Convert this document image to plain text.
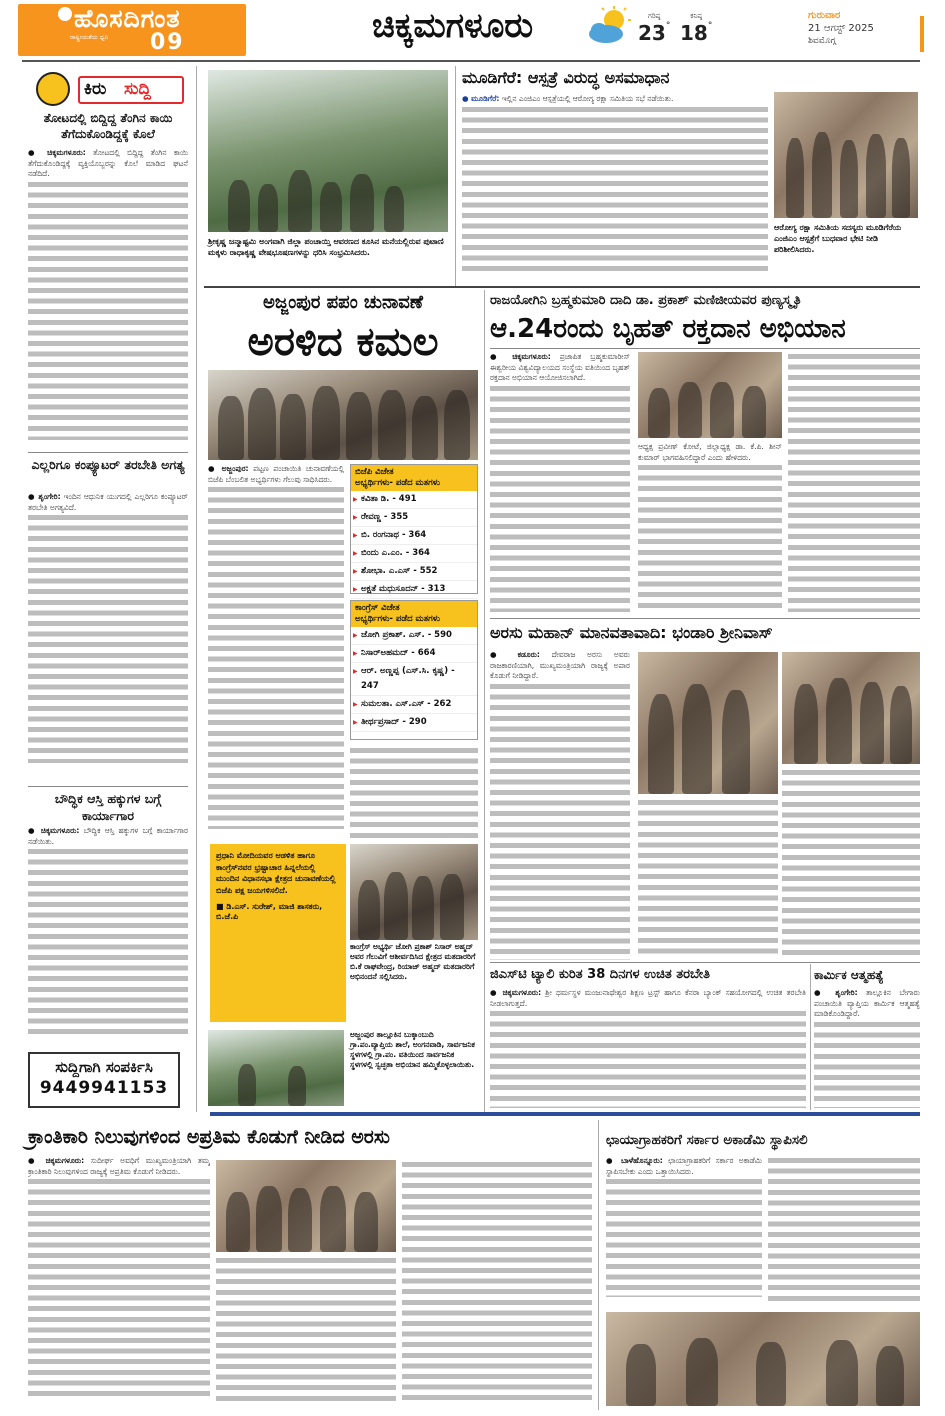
ಹೊಸದಿಗಂತ
ರಾಷ್ಟ್ರೀಯತೆಯ ಧ್ವನಿ 09	ಚಿಕ್ಕಮಗಳೂರು	ಗರಿಷ್ಠ
23°
ಕನಿಷ್ಠ
18°
ಗುರುವಾರ
21 ಆಗಸ್ಟ್ 2025
ಶಿವಮೊಗ್ಗ
ಕಿರು ಸುದ್ದಿ
ತೋಟದಲ್ಲಿ ಬಿದ್ದಿದ್ದ ತೆಂಗಿನ ಕಾಯಿ ತೆಗೆದುಕೊಂಡಿದ್ದಕ್ಕೆ ಕೊಲೆ
● ಚಿಕ್ಕಮಗಳೂರು: ತೋಟದಲ್ಲಿ ಬಿದ್ದಿದ್ದ ತೆಂಗಿನ ಕಾಯಿ ತೆಗೆದುಕೊಂಡಿದ್ದಕ್ಕೆ ವ್ಯಕ್ತಿಯೊಬ್ಬರನ್ನು ಕೊಲೆ ಮಾಡಿದ ಘಟನೆ ನಡೆದಿದೆ.
ಎಲ್ಲರಿಗೂ ಕಂಪ್ಯೂಟರ್ ತರಬೇತಿ ಅಗತ್ಯ
● ಶೃಂಗೇರಿ: ಇಂದಿನ ಆಧುನಿಕ ಯುಗದಲ್ಲಿ ಎಲ್ಲರಿಗೂ ಕಂಪ್ಯೂಟರ್ ತರಬೇತಿ ಅಗತ್ಯವಿದೆ.
ಬೌದ್ಧಿಕ ಆಸ್ತಿ ಹಕ್ಕುಗಳ ಬಗ್ಗೆ ಕಾರ್ಯಾಗಾರ
● ಚಿಕ್ಕಮಗಳೂರು: ಬೌದ್ಧಿಕ ಆಸ್ತಿ ಹಕ್ಕುಗಳ ಬಗ್ಗೆ ಕಾರ್ಯಾಗಾರ ನಡೆಯಿತು.
ಸುದ್ದಿಗಾಗಿ ಸಂಪರ್ಕಿಸಿ
9449941153
ಶ್ರೀಕೃಷ್ಣ ಜನ್ಮಾಷ್ಟಮಿ ಅಂಗವಾಗಿ ಜಿಲ್ಲಾ ಪಂಚಾಯ್ತಿ ಆವರಣದ ಕೂಸಿನ ಮನೆಯಲ್ಲಿರುವ ಪುಟಾಣಿ ಮಕ್ಕಳು ರಾಧಾಕೃಷ್ಣ ವೇಷಭೂಷಣಗಳನ್ನು ಧರಿಸಿ ಸಂಭ್ರಮಿಸಿದರು.
ಮೂಡಿಗೆರೆ: ಆಸ್ಪತ್ರೆ ವಿರುದ್ಧ ಅಸಮಾಧಾನ
● ಮೂಡಿಗೆರೆ: ಇಲ್ಲಿನ ಎಂಜಿಎಂ ಆಸ್ಪತ್ರೆಯಲ್ಲಿ ಆರೋಗ್ಯ ರಕ್ಷಾ ಸಮಿತಿಯ ಸಭೆ ನಡೆಯಿತು.
ಆರೋಗ್ಯ ರಕ್ಷಾ ಸಮಿತಿಯ ಸದಸ್ಯರು ಮೂಡಿಗೆರೆಯ ಎಂಜಿಎಂ ಆಸ್ಪತ್ರೆಗೆ ಬುಧವಾರ ಭೇಟಿ ನೀಡಿ ಪರಿಶೀಲಿಸಿದರು.
ಅಜ್ಜಂಪುರ ಪಪಂ ಚುನಾವಣೆ
ಅರಳಿದ ಕಮಲ
● ಅಜ್ಜಂಪುರ: ಪಟ್ಟಣ ಪಂಚಾಯಿತಿ ಚುನಾವಣೆಯಲ್ಲಿ ಬಿಜೆಪಿ ಬೆಂಬಲಿತ ಅಭ್ಯರ್ಥಿಗಳು ಗೆಲುವು ಸಾಧಿಸಿದರು.
ಬಿಜೆಪಿ ವಿಜೇತ
ಅಭ್ಯರ್ಥಿಗಳು- ಪಡೆದ ಮತಗಳು
▶ ಕವಿತಾ ಡಿ. - 491
▶ ರೇವಣ್ಣ - 355
▶ ಬಿ. ರಂಗನಾಥ - 364
▶ ಬಿಂದು ಎ.ಎಂ. - 364
▶ ಶೋಭಾ. ಎ.ಎಸ್ - 552
▶ ಅಕ್ಷತೆ ಮಧುಸೂದನ್ - 313
ಕಾಂಗ್ರೆಸ್ ವಿಜೇತ
ಅಭ್ಯರ್ಥಿಗಳು- ಪಡೆದ ಮತಗಳು
▶ ಜೋಗಿ ಪ್ರಕಾಶ್. ಎಸ್. - 590
▶ ನಿಸಾರ್‌ಅಹಮದ್ - 664
▶ ಆರ್. ಅಣ್ಣಪ್ಪ (ಎಸ್.ಸಿ. ಕೃಷ್ಣ) - 247
▶ ಸುಮಲತಾ. ಎಸ್.ಎಸ್ - 262
▶ ತೀರ್ಥಪ್ರಸಾದ್ - 290
ಪ್ರಧಾನಿ ಮೋದಿಯವರ ಆಡಳಿತ ಹಾಗೂ ಕಾಂಗ್ರೆಸ್‌ನವರ ಭ್ರಷ್ಟಾಚಾರ ಹಿನ್ನಲೆಯಲ್ಲಿ ಮುಂದಿನ ವಿಧಾನಸಭಾ ಕ್ಷೇತ್ರದ ಚುನಾವಣೆಯಲ್ಲಿ ಬಿಜೆಪಿ ಪಕ್ಷ ಜಯಗಳಿಸಲಿದೆ.
■ ಡಿ.ಎಸ್. ಸುರೇಶ್, ಮಾಜಿ ಶಾಸಕರು, ಬಿ.ಜೆ.ಪಿ
ಕಾಂಗ್ರೆಸ್ ಅಭ್ಯರ್ಥಿ ಜೋಗಿ ಪ್ರಕಾಶ್ ನಿಸಾರ್ ಅಹ್ಮದ್ ಅವರ ಗೆಲುವಿಗೆ ಆಶೀರ್ವದಿಸಿದ ಕ್ಷೇತ್ರದ ಮತದಾರರಿಗೆ ಬಿ.ಕೆ ರಾಘವೇಂದ್ರ, ರಿಯಾಜ್ ಅಹ್ಮದ್ ಮತದಾರರಿಗೆ ಅಭಿನಂದನೆ ಸಲ್ಲಿಸಿದರು.
ಅಜ್ಜಂಪುರ ತಾಲ್ಲೂಕಿನ ಬುಕ್ಕಾಂಬುದಿ ಗ್ರಾ.ಪಂ.ವ್ಯಾಪ್ತಿಯ ಶಾಲೆ, ಅಂಗನವಾಡಿ, ಸಾರ್ವಜನಿಕ ಸ್ಥಳಗಳಲ್ಲಿ ಗ್ರಾ.ಪಂ. ವತಿಯಿಂದ ಸಾರ್ವಜನಿಕ ಸ್ಥಳಗಳಲ್ಲಿ ಸ್ವಚ್ಛತಾ ಅಭಿಯಾನ ಹಮ್ಮಿಕೊಳ್ಳಲಾಯಿತು.
ರಾಜಯೋಗಿನಿ ಬ್ರಹ್ಮಕುಮಾರಿ ದಾದಿ ಡಾ. ಪ್ರಕಾಶ್ ಮಣಿಜೀಯವರ ಪುಣ್ಯಸ್ಮೃತಿ
ಆ.24ರಂದು ಬೃಹತ್ ರಕ್ತದಾನ ಅಭಿಯಾನ
● ಚಿಕ್ಕಮಗಳೂರು: ಪ್ರಜಾಪಿತ ಬ್ರಹ್ಮಕುಮಾರೀಸ್ ಈಶ್ವರೀಯ ವಿಶ್ವವಿದ್ಯಾಲಯದ ಸಂಸ್ಥೆಯ ವತಿಯಿಂದ ಬೃಹತ್ ರಕ್ತದಾನ ಅಭಿಯಾನ ಆಯೋಜಿಸಲಾಗಿದೆ.
ಆಧ್ಯಕ್ಷ ಪ್ರವೀಣ್ ಕೋಟೆ, ಜಿಲ್ಲಾಧ್ಯಕ್ಷ ಡಾ. ಕೆ.ಪಿ. ಶೀನ್ ಕುಮಾರ್ ಭಾಗವಹಿಸಲಿದ್ದಾರೆ ಎಂದು ಹೇಳಿದರು.
ಅರಸು ಮಹಾನ್ ಮಾನವತಾವಾದಿ: ಭಂಡಾರಿ ಶ್ರೀನಿವಾಸ್
● ಕಡೂರು: ದೇವರಾಜ ಅರಸು ಅವರು ರಾಜಕಾರಣಿಯಾಗಿ, ಮುಖ್ಯಮಂತ್ರಿಯಾಗಿ ರಾಜ್ಯಕ್ಕೆ ಅಪಾರ ಕೊಡುಗೆ ನೀಡಿದ್ದಾರೆ.
ಜಿಎಸ್‌ಟಿ ಟ್ಯಾಲಿ ಕುರಿತ 38 ದಿನಗಳ ಉಚಿತ ತರಬೇತಿ
● ಚಿಕ್ಕಮಗಳೂರು: ಶ್ರೀ ಧರ್ಮಸ್ಥಳ ಮಂಜುನಾಥೇಶ್ವರ ಶಿಕ್ಷಣ ಟ್ರಸ್ಟ್ ಹಾಗೂ ಕೆನರಾ ಬ್ಯಾಂಕ್ ಸಹಯೋಗದಲ್ಲಿ ಉಚಿತ ತರಬೇತಿ ನೀಡಲಾಗುತ್ತದೆ.
ಕಾರ್ಮಿಕ ಆತ್ಮಹತ್ಯೆ
● ಶೃಂಗೇರಿ: ತಾಲ್ಲೂಕಿನ ಬೇಗಾರು ಪಂಚಾಯಿತಿ ವ್ಯಾಪ್ತಿಯ ಕಾರ್ಮಿಕ ಆತ್ಮಹತ್ಯೆ ಮಾಡಿಕೊಂಡಿದ್ದಾರೆ.
ಕ್ರಾಂತಿಕಾರಿ ನಿಲುವುಗಳಿಂದ ಅಪ್ರತಿಮ ಕೊಡುಗೆ ನೀಡಿದ ಅರಸು
● ಚಿಕ್ಕಮಗಳೂರು: ಸುದೀರ್ಘ ಅವಧಿಗೆ ಮುಖ್ಯಮಂತ್ರಿಯಾಗಿ ತಮ್ಮ ಕ್ರಾಂತಿಕಾರಿ ನಿಲುವುಗಳಿಂದ ರಾಜ್ಯಕ್ಕೆ ಅಪ್ರತಿಮ ಕೊಡುಗೆ ನೀಡಿದರು.
ಛಾಯಾಗ್ರಾಹಕರಿಗೆ ಸರ್ಕಾರ ಅಕಾಡೆಮಿ ಸ್ಥಾಪಿಸಲಿ
● ಬಾಳೆಹೊನ್ನೂರು: ಛಾಯಾಗ್ರಾಹಕರಿಗೆ ಸರ್ಕಾರ ಅಕಾಡೆಮಿ ಸ್ಥಾಪಿಸಬೇಕು ಎಂದು ಒತ್ತಾಯಿಸಿದರು.
